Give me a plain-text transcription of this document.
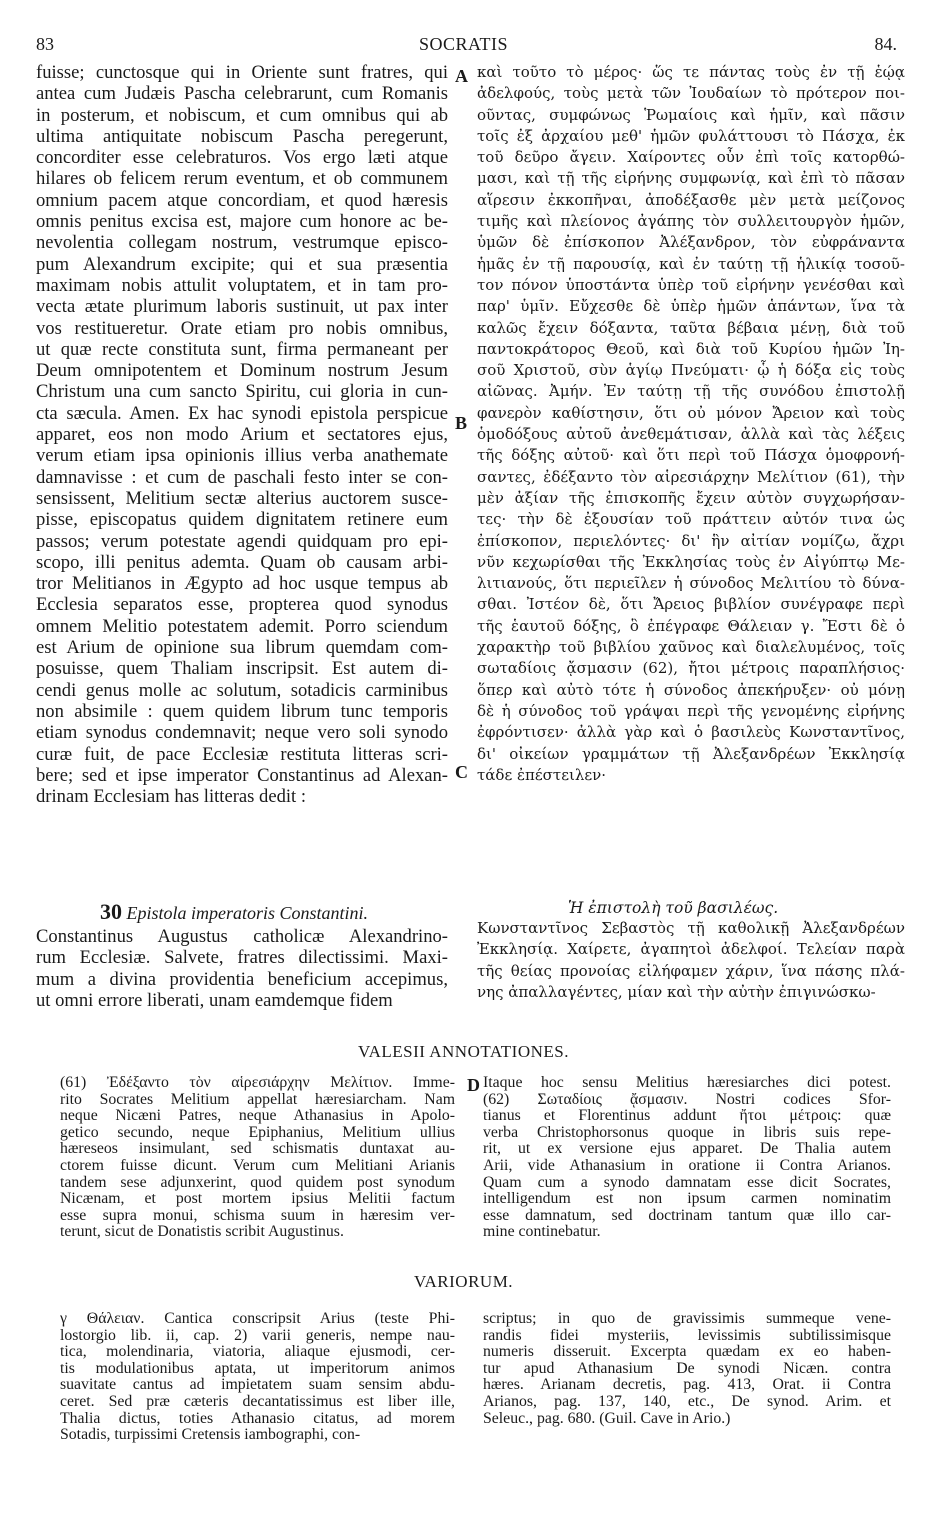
83	SOCRATIS	84.
A
B
C
D
fuisse; cunctosque qui in Oriente sunt fratres, qui
antea cum Judæis Pascha celebrarunt, cum Romanis
in posterum, et nobiscum, et cum omnibus qui ab
ultima antiquitate nobiscum Pascha peregerunt,
concorditer esse celebraturos. Vos ergo læti atque
hilares ob felicem rerum eventum, et ob communem
omnium pacem atque concordiam, et quod hæresis
omnis penitus excisa est, majore cum honore ac be-
nevolentia collegam nostrum, vestrumque episco-
pum Alexandrum excipite; qui et sua præsentia
maximam nobis attulit voluptatem, et in tam pro-
vecta ætate plurimum laboris sustinuit, ut pax inter
vos restitueretur. Orate etiam pro nobis omnibus,
ut quæ recte constituta sunt, firma permaneant per
Deum omnipotentem et Dominum nostrum Jesum
Christum una cum sancto Spiritu, cui gloria in cun-
cta sæcula. Amen. Ex hac synodi epistola perspicue
apparet, eos non modo Arium et sectatores ejus,
verum etiam ipsa opinionis illius verba anathemate
damnavisse : et cum de paschali festo inter se con-
sensissent, Melitium sectæ alterius auctorem susce-
pisse, episcopatus quidem dignitatem retinere eum
passos; verum potestate agendi quidquam pro epi-
scopo, illi penitus ademta. Quam ob causam arbi-
tror Melitianos in Ægypto ad hoc usque tempus ab
Ecclesia separatos esse, propterea quod synodus
omnem Melitio potestatem ademit. Porro sciendum
est Arium de opinione sua librum quemdam com-
posuisse, quem Thaliam inscripsit. Est autem di-
cendi genus molle ac solutum, sotadicis carminibus
non absimile : quem quidem librum tunc temporis
etiam synodus condemnavit; neque vero soli synodo
curæ fuit, de pace Ecclesiæ restituta litteras scri-
bere; sed et ipse imperator Constantinus ad Alexan-
drinam Ecclesiam has litteras dedit :
30 Epistola imperatoris Constantini.
Constantinus Augustus catholicæ Alexandrino-
rum Ecclesiæ. Salvete, fratres dilectissimi. Maxi-
mum a divina providentia beneficium accepimus,
ut omni errore liberati, unam eamdemque fidem
καὶ τοῦτο τὸ μέρος· ὥς τε πάντας τοὺς ἐν τῇ ἑῴᾳ
ἀδελφούς, τοὺς μετὰ τῶν Ἰουδαίων τὸ πρότερον ποι-
οῦντας, συμφώνως Ῥωμαίοις καὶ ἡμῖν, καὶ πᾶσιν
τοῖς ἐξ ἀρχαίου μεθ' ἡμῶν φυλάττουσι τὸ Πάσχα, ἐκ
τοῦ δεῦρο ἄγειν. Χαίροντες οὖν ἐπὶ τοῖς κατορθώ-
μασι, καὶ τῇ τῆς εἰρήνης συμφωνίᾳ, καὶ ἐπὶ τὸ πᾶσαν
αἵρεσιν ἐκκοπῆναι, ἀποδέξασθε μὲν μετὰ μείζονος
τιμῆς καὶ πλείονος ἀγάπης τὸν συλλειτουργὸν ἡμῶν,
ὑμῶν δὲ ἐπίσκοπον Ἀλέξανδρον, τὸν εὐφράναντα
ἡμᾶς ἐν τῇ παρουσίᾳ, καὶ ἐν ταύτῃ τῇ ἡλικίᾳ τοσοῦ-
τον πόνον ὑποστάντα ὑπὲρ τοῦ εἰρήνην γενέσθαι καὶ
παρ' ὑμῖν. Εὔχεσθε δὲ ὑπὲρ ἡμῶν ἁπάντων, ἵνα τὰ
καλῶς ἔχειν δόξαντα, ταῦτα βέβαια μένῃ, διὰ τοῦ
παντοκράτορος Θεοῦ, καὶ διὰ τοῦ Κυρίου ἡμῶν Ἰη-
σοῦ Χριστοῦ, σὺν ἁγίῳ Πνεύματι· ᾧ ἡ δόξα εἰς τοὺς
αἰῶνας. Ἀμήν. Ἐν ταύτῃ τῇ τῆς συνόδου ἐπιστολῇ
φανερὸν καθίστησιν, ὅτι οὐ μόνον Ἄρειον καὶ τοὺς
ὁμοδόξους αὐτοῦ ἀνεθεμάτισαν, ἀλλὰ καὶ τὰς λέξεις
τῆς δόξης αὐτοῦ· καὶ ὅτι περὶ τοῦ Πάσχα ὁμοφρονή-
σαντες, ἐδέξαντο τὸν αἱρεσιάρχην Μελίτιον (61), τὴν
μὲν ἀξίαν τῆς ἐπισκοπῆς ἔχειν αὐτὸν συγχωρήσαν-
τες· τὴν δὲ ἐξουσίαν τοῦ πράττειν αὐτόν τινα ὡς
ἐπίσκοπον, περιελόντες· δι' ἣν αἰτίαν νομίζω, ἄχρι
νῦν κεχωρίσθαι τῆς Ἐκκλησίας τοὺς ἐν Αἰγύπτῳ Με-
λιτιανούς, ὅτι περιεῖλεν ἡ σύνοδος Μελιτίου τὸ δύνα-
σθαι. Ἰστέον δὲ, ὅτι Ἄρειος βιβλίον συνέγραφε περὶ
τῆς ἑαυτοῦ δόξης, ὃ ἐπέγραφε Θάλειαν γ. Ἔστι δὲ ὁ
χαρακτὴρ τοῦ βιβλίου χαῦνος καὶ διαλελυμένος, τοῖς
σωταδίοις ᾄσμασιν (62), ἤτοι μέτροις παραπλήσιος·
ὅπερ καὶ αὐτὸ τότε ἡ σύνοδος ἀπεκήρυξεν· οὐ μόνῃ
δὲ ἡ σύνοδος τοῦ γράψαι περὶ τῆς γενομένης εἰρήνης
ἐφρόντισεν· ἀλλὰ γὰρ καὶ ὁ βασιλεὺς Κωνσταντῖνος,
δι' οἰκείων γραμμάτων τῇ Ἀλεξανδρέων Ἐκκλησίᾳ
τάδε ἐπέστειλεν·
Ἡ ἐπιστολὴ τοῦ βασιλέως.
Κωνσταντῖνος Σεβαστὸς τῇ καθολικῇ Ἀλεξανδρέων
Ἐκκλησίᾳ. Χαίρετε, ἀγαπητοὶ ἀδελφοί. Τελείαν παρὰ
τῆς θείας προνοίας εἰλήφαμεν χάριν, ἵνα πάσης πλά-
νης ἀπαλλαγέντες, μίαν καὶ τὴν αὐτὴν ἐπιγινώσκω-
VALESII ANNOTATIONES.
(61) Ἐδέξαντο τὸν αἱρεσιάρχην Μελίτιον. Imme-
rito Socrates Melitium appellat hæresiarcham. Nam
neque Nicæni Patres, neque Athanasius in Apolo-
getico secundo, neque Epiphanius, Melitium ullius
hæreseos insimulant, sed schismatis duntaxat au-
ctorem fuisse dicunt. Verum cum Melitiani Arianis
tandem sese adjunxerint, quod quidem post synodum
Nicænam, et post mortem ipsius Melitii factum
esse supra monui, schisma suum in hæresim ver-
terunt, sicut de Donatistis scribit Augustinus.
Itaque hoc sensu Melitius hæresiarches dici potest.
(62) Σωταδίοις ᾄσμασιν. Nostri codices Sfor-
tianus et Florentinus addunt ἤτοι μέτροις: quæ
verba Christophorsonus quoque in libris suis repe-
rit, ut ex versione ejus apparet. De Thalia autem
Arii, vide Athanasium in oratione ii Contra Arianos.
Quam cum a synodo damnatam esse dicit Socrates,
intelligendum est non ipsum carmen nominatim
esse damnatum, sed doctrinam tantum quæ illo car-
mine continebatur.
VARIORUM.
γ Θάλειαν. Cantica conscripsit Arius (teste Phi-
lostorgio lib. ii, cap. 2) varii generis, nempe nau-
tica, molendinaria, viatoria, aliaque ejusmodi, cer-
tis modulationibus aptata, ut imperitorum animos
suavitate cantus ad impietatem suam sensim abdu-
ceret. Sed præ cæteris decantatissimus est liber ille,
Thalia dictus, toties Athanasio citatus, ad morem
Sotadis, turpissimi Cretensis iambographi, con-
scriptus; in quo de gravissimis summeque vene-
randis fidei mysteriis, levissimis subtilissimisque
numeris disseruit. Excerpta quædam ex eo haben-
tur apud Athanasium De synodi Nicæn. contra
hæres. Arianam decretis, pag. 413, Orat. ii Contra
Arianos, pag. 137, 140, etc., De synod. Arim. et
Seleuc., pag. 680. (Guil. Cave in Ario.)
